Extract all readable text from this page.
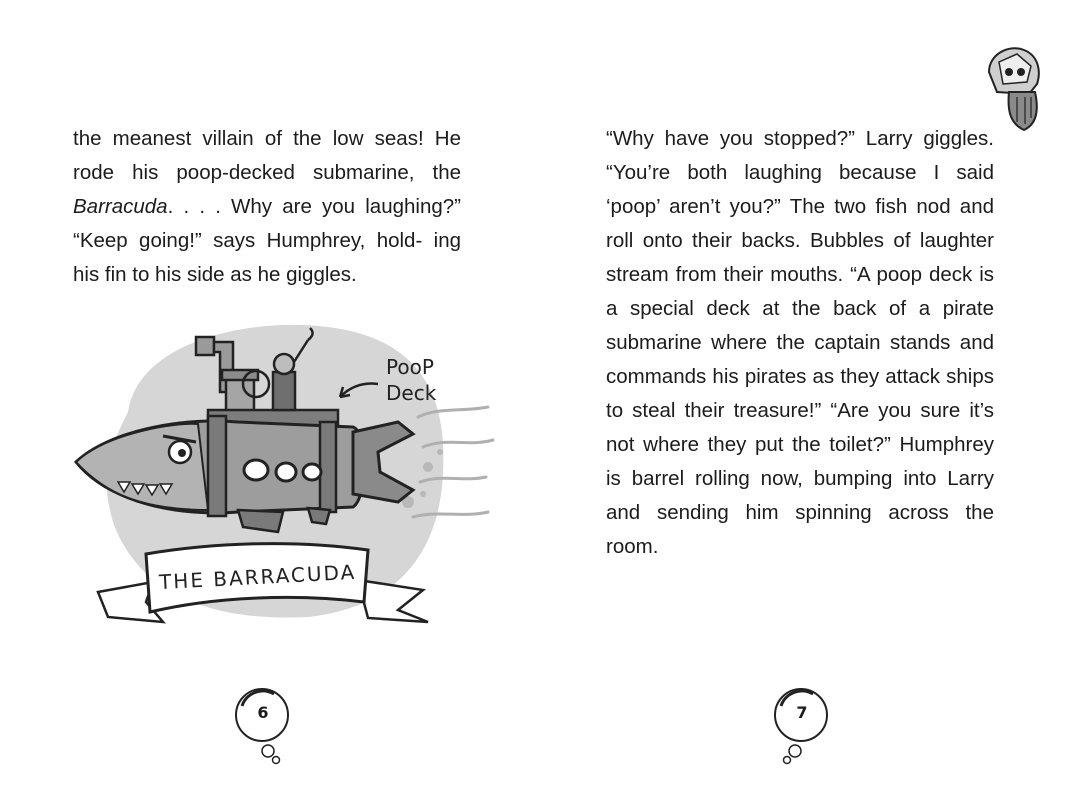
the meanest villain of the low seas! He rode his poop-decked submarine, the Barracuda. . . . Why are you laughing?” “Keep going!” says Humphrey, hold- ing his fin to his side as he giggles.
PooP
Deck
THE BARRACUDA
6
“Why have you stopped?” Larry giggles. “You’re both laughing because I said ‘poop’ aren’t you?” The two fish nod and roll onto their backs. Bubbles of laughter stream from their mouths. “A poop deck is a special deck at the back of a pirate submarine where the captain stands and commands his pirates as they attack ships to steal their treasure!” “Are you sure it’s not where they put the toilet?” Humphrey is barrel rolling now, bumping into Larry and sending him spinning across the room.
7
